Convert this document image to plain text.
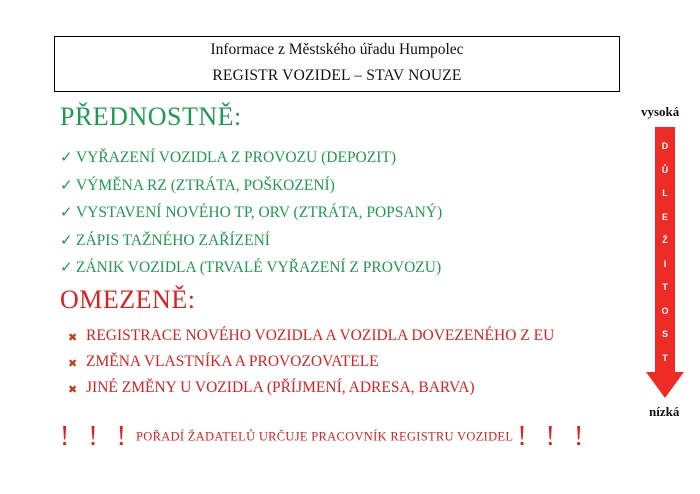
Informace z Městského úřadu Humpolec
REGISTR VOZIDEL – STAV NOUZE
PŘEDNOSTNĚ:
✓ VYŘAZENÍ VOZIDLA Z PROVOZU (DEPOZIT)
✓ VÝMĚNA RZ (ZTRÁTA, POŠKOZENÍ)
✓ VYSTAVENÍ NOVÉHO TP, ORV (ZTRÁTA, POPSANÝ)
✓ ZÁPIS TAŽNÉHO ZAŘÍZENÍ
✓ ZÁNIK VOZIDLA (TRVALÉ VYŘAZENÍ Z PROVOZU)
OMEZENĚ:
✖ REGISTRACE NOVÉHO VOZIDLA A VOZIDLA DOVEZENÉHO Z EU
✖ ZMĚNA VLASTNÍKA A PROVOZOVATELE
✖ JINÉ ZMĚNY U VOZIDLA (PŘÍJMENÍ, ADRESA, BARVA)
vysoká
D
Ů
L
E
Ž
I
T
O
S
T
nízká
! ! ! POŘADÍ ŽADATELŮ URČUJE PRACOVNÍK REGISTRU VOZIDEL ! ! !
